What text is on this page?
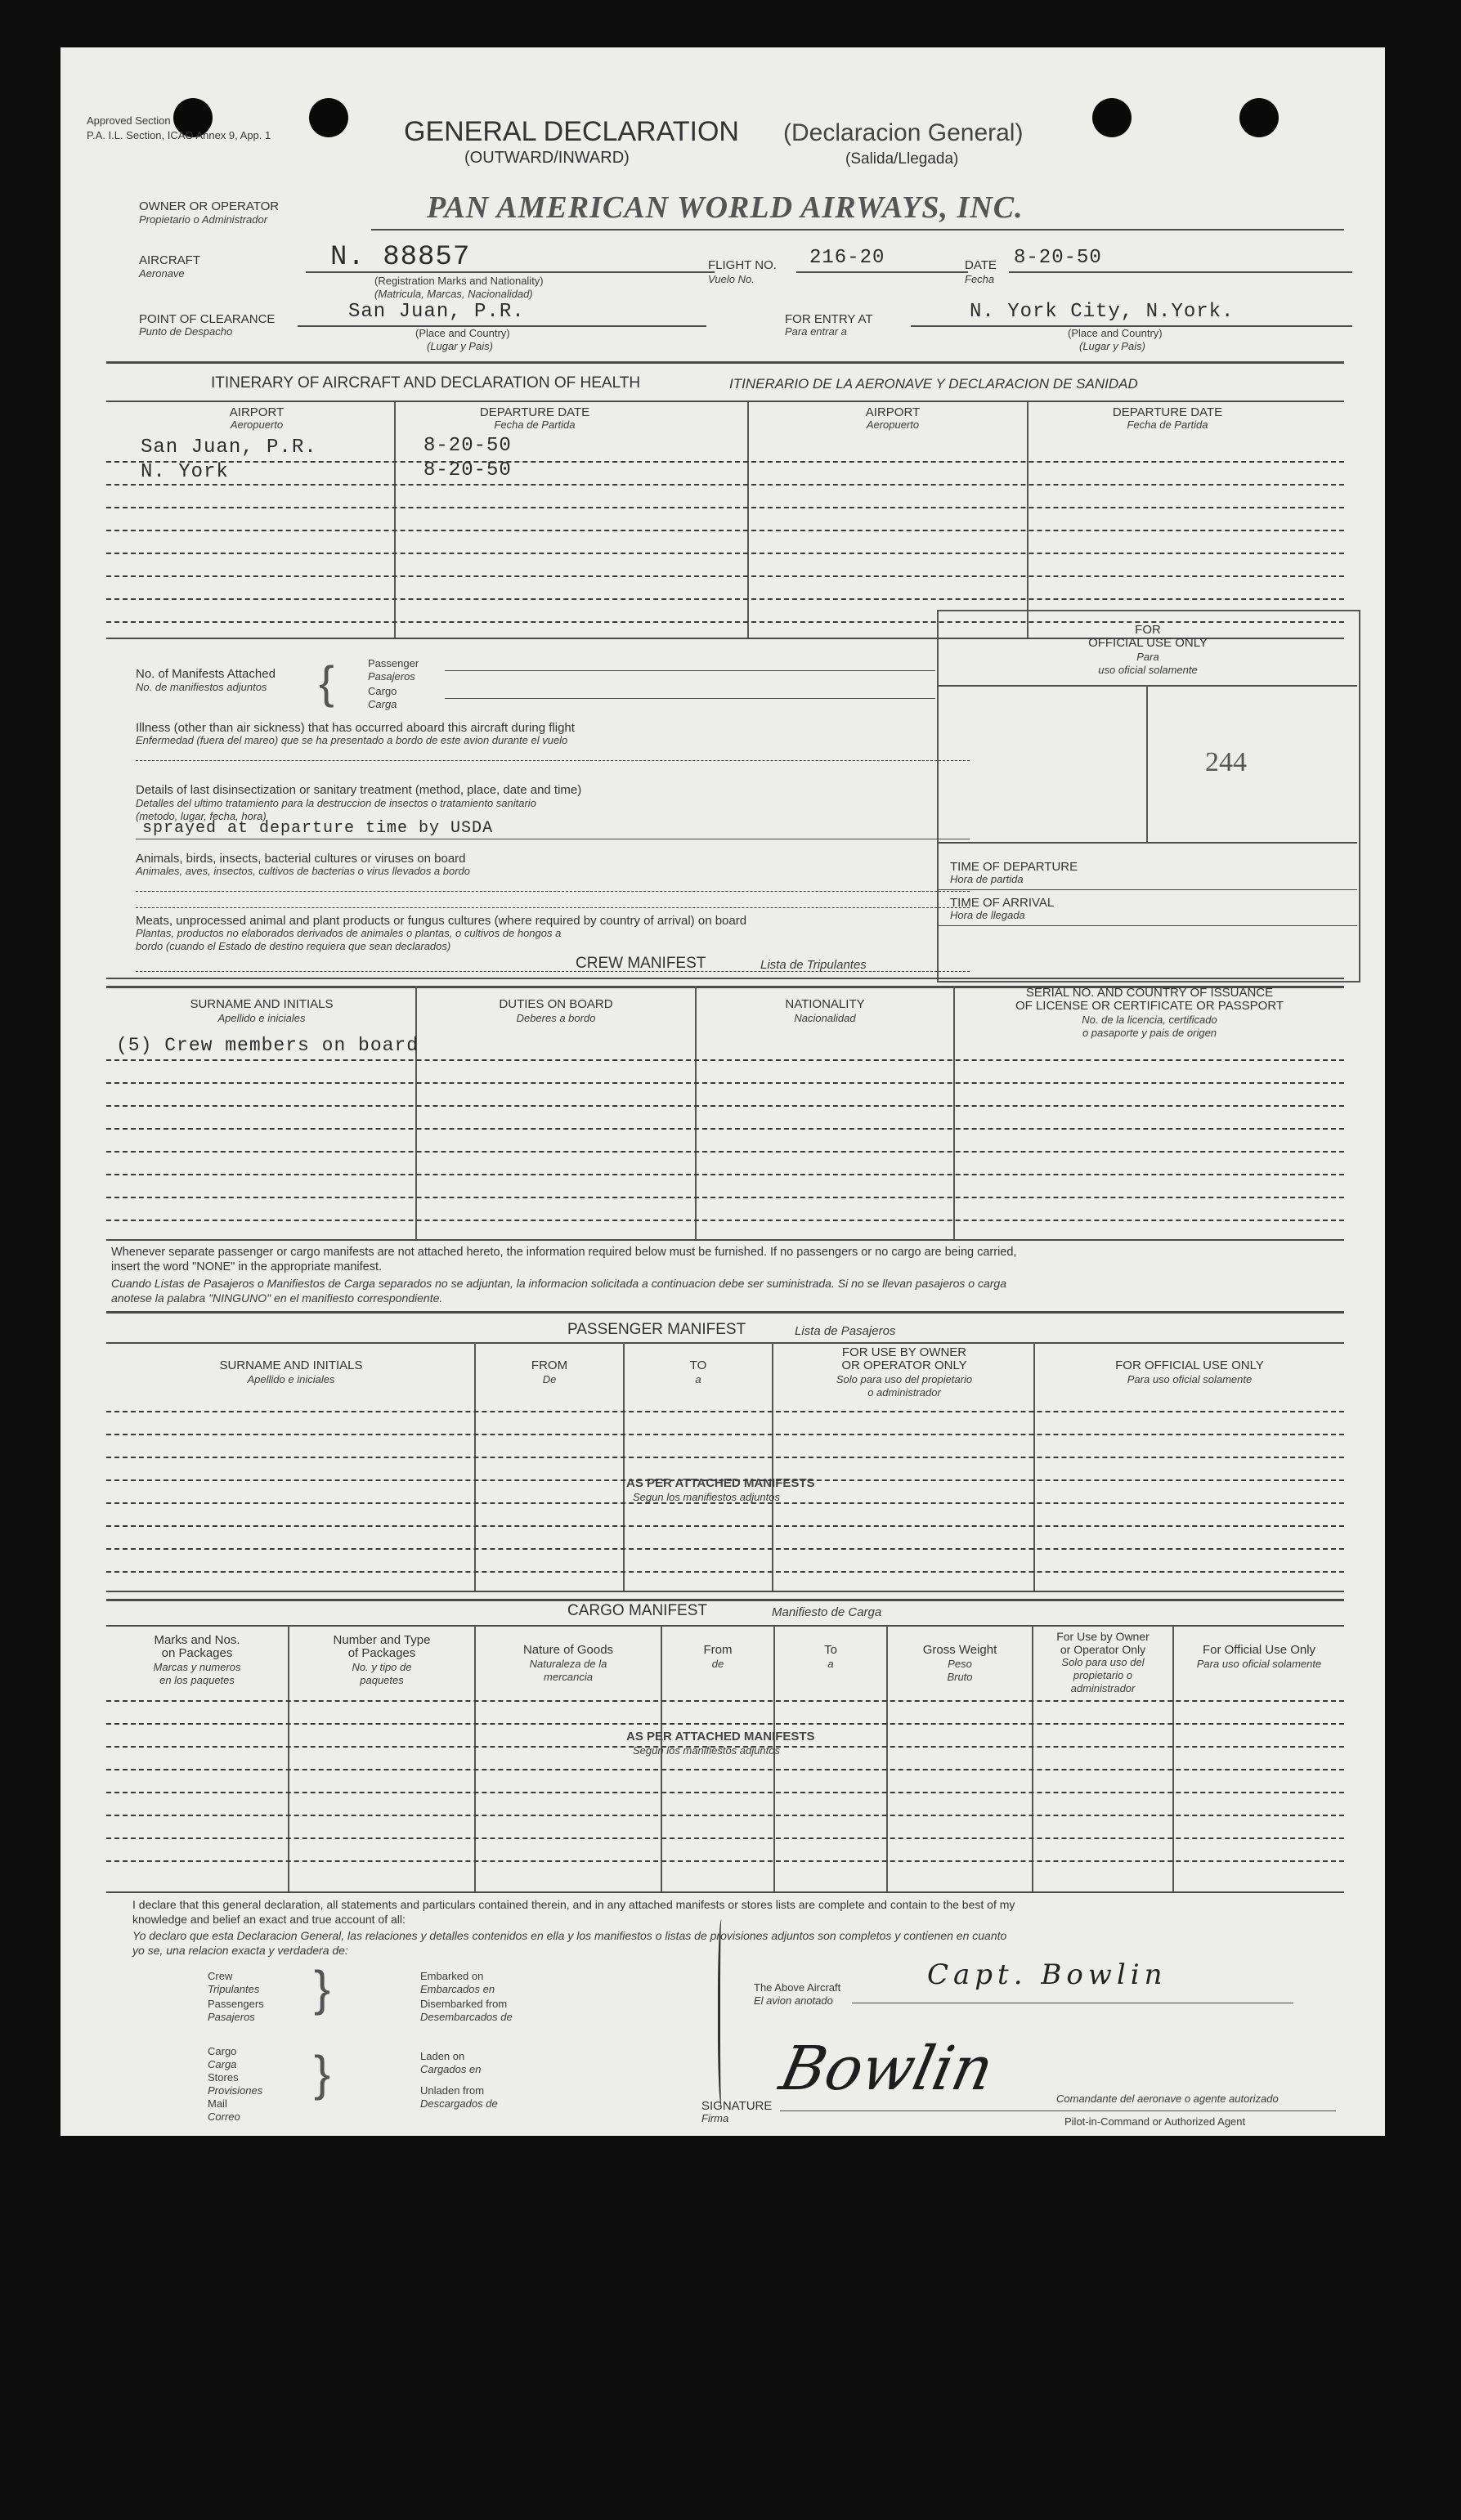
Approved Section
P.A. I.L. Section, ICAO Annex 9, App. 1	GENERAL DECLARATION
(OUTWARD/INWARD)
(Declaracion General)
(Salida/Llegada)
OWNER OR OPERATOR
Propietario o Administrador	PAN AMERICAN WORLD AIRWAYS, INC.
AIRCRAFT
Aeronave
N. 88857
(Registration Marks and Nationality)
(Matricula, Marcas, Nacionalidad)
FLIGHT NO.
Vuelo No.
216-20	DATE
Fecha
8-20-50
POINT OF CLEARANCE
Punto de Despacho
San Juan, P.R.
(Place and Country)
(Lugar y Pais)
FOR ENTRY AT
Para entrar a
N. York City, N.York.
(Place and Country)
(Lugar y Pais)
ITINERARY OF AIRCRAFT AND DECLARATION OF HEALTH	ITINERARIO DE LA AERONAVE Y DECLARACION DE SANIDAD
AIRPORT
Aeropuerto
DEPARTURE DATE
Fecha de Partida
AIRPORT
Aeropuerto
DEPARTURE DATE
Fecha de Partida
San Juan, P.R.	8-20-50
N. York	8-20-50
No. of Manifests Attached
No. de manifiestos adjuntos {	Passenger
Pasajeros
Cargo
Carga
Illness (other than air sickness) that has occurred aboard this aircraft during flight
Enfermedad (fuera del mareo) que se ha presentado a bordo de este avion durante el vuelo
Details of last disinsectization or sanitary treatment (method, place, date and time)
Detalles del ultimo tratamiento para la destruccion de insectos o tratamiento sanitario
(metodo, lugar, fecha, hora)
sprayed at departure time by USDA
Animals, birds, insects, bacterial cultures or viruses on board
Animales, aves, insectos, cultivos de bacterias o virus llevados a bordo
Meats, unprocessed animal and plant products or fungus cultures (where required by country of arrival) on board
Plantas, productos no elaborados derivados de animales o plantas, o cultivos de hongos a
bordo (cuando el Estado de destino requiera que sean declarados)
FOR
OFFICIAL USE ONLY
Para
uso oficial solamente
244
TIME OF DEPARTURE
Hora de partida
TIME OF ARRIVAL
Hora de llegada
CREW MANIFEST	Lista de Tripulantes
SURNAME AND INITIALS
Apellido e iniciales
DUTIES ON BOARD
Deberes a bordo
NATIONALITY
Nacionalidad
SERIAL NO. AND COUNTRY OF ISSUANCE
OF LICENSE OR CERTIFICATE OR PASSPORT
No. de la licencia, certificado
o pasaporte y pais de origen
(5) Crew members on board
Whenever separate passenger or cargo manifests are not attached hereto, the information required below must be furnished. If no passengers or no cargo are being carried,
insert the word "NONE" in the appropriate manifest.
Cuando Listas de Pasajeros o Manifiestos de Carga separados no se adjuntan, la informacion solicitada a continuacion debe ser suministrada. Si no se llevan pasajeros o carga
anotese la palabra "NINGUNO" en el manifiesto correspondiente.
PASSENGER MANIFEST	Lista de Pasajeros
SURNAME AND INITIALS
Apellido e iniciales
FROM
De
TO
a
FOR USE BY OWNER
OR OPERATOR ONLY
Solo para uso del propietario
o administrador
FOR OFFICIAL USE ONLY
Para uso oficial solamente
AS PER ATTACHED MANIFESTS
Segun los manifiestos adjuntos
CARGO MANIFEST	Manifiesto de Carga
Marks and Nos.
on Packages
Marcas y numeros
en los paquetes
Number and Type
of Packages
No. y tipo de
paquetes
Nature of Goods
Naturaleza de la
mercancia
From
de
To
a
Gross Weight
Peso
Bruto
For Use by Owner
or Operator Only
Solo para uso del
propietario o
administrador
For Official Use Only
Para uso oficial solamente
AS PER ATTACHED MANIFESTS
Segun los manifiestos adjuntos
I declare that this general declaration, all statements and particulars contained therein, and in any attached manifests or stores lists are complete and contain to the best of my
knowledge and belief an exact and true account of all:
Yo declaro que esta Declaracion General, las relaciones y detalles contenidos en ella y los manifiestos o listas de provisiones adjuntos son completos y contienen en cuanto
yo se, una relacion exacta y verdadera de:
Crew
Tripulantes
Passengers
Pasajeros
}	Embarked on
Embarcados en
Disembarked from
Desembarcados de
Cargo
Carga
Stores
Provisiones
Mail
Correo
}	Laden on
Cargados en
Unladen from
Descargados de
The Above Aircraft
El avion anotado
Capt. Bowlin
Bowlin
SIGNATURE
Firma
Comandante del aeronave o agente autorizado
Pilot-in-Command or Authorized Agent
